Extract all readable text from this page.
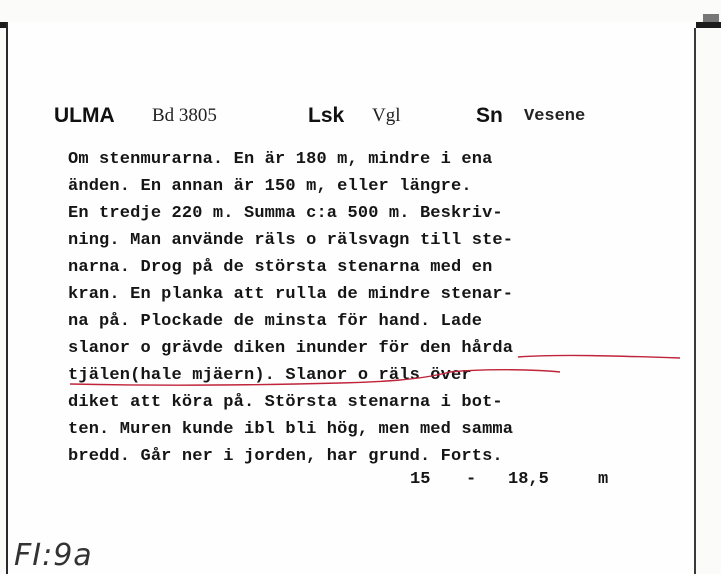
ULMA Bd 3805	Lsk Vgl	Sn Vesene
Om stenmurarna. En är 180 m, mindre i ena
änden. En annan är 150 m, eller längre.
En tredje 220 m. Summa c:a 500 m. Beskriv-
ning. Man använde räls o rälsvagn till ste-
narna. Drog på de största stenarna med en
kran. En planka att rulla de mindre stenar-
na på. Plockade de minsta för hand. Lade
slanor o grävde diken inunder för den hårda
tjälen(hale mjäern). Slanor o räls över
diket att köra på. Största stenarna i bot-
ten. Muren kunde ibl bli hög, men med samma
bredd. Går ner i jorden, har grund. Forts.
15 - 18,5	m
FI:9a
